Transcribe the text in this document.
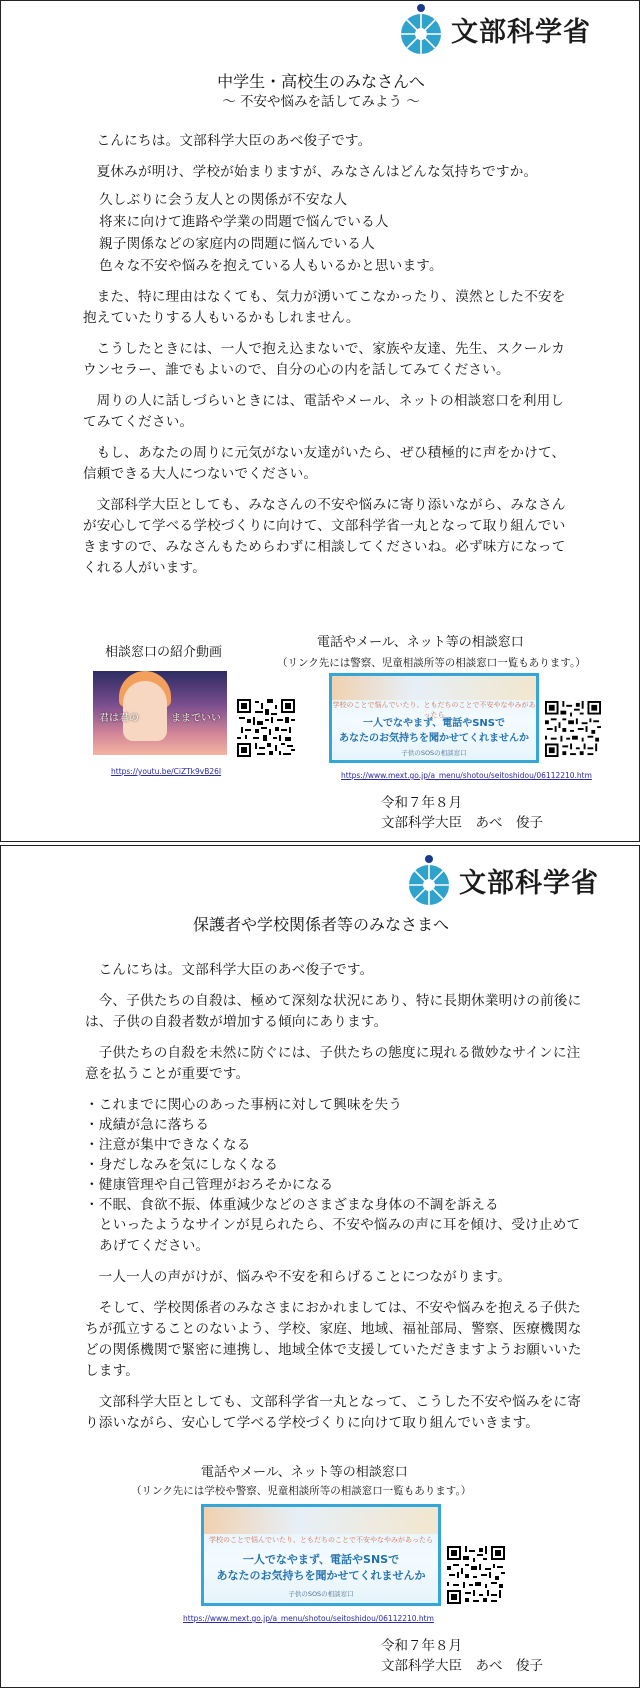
文部科学省
中学生・高校生のみなさんへ
～ 不安や悩みを話してみよう ～

こんにちは。文部科学大臣のあべ俊子です。

夏休みが明け、学校が始まりますが、みなさんはどんな気持ちですか。

久しぶりに会う友人との関係が不安な人
将来に向けて進路や学業の問題で悩んでいる人
親子関係などの家庭内の問題に悩んでいる人
色々な不安や悩みを抱えている人もいるかと思います。

また、特に理由はなくても、気力が湧いてこなかったり、漠然とした不安を抱えていたりする人もいるかもしれません。

こうしたときには、一人で抱え込まないで、家族や友達、先生、スクールカウンセラー、誰でもよいので、自分の心の内を話してみてください。

周りの人に話しづらいときには、電話やメール、ネットの相談窓口を利用してみてください。

もし、あなたの周りに元気がない友達がいたら、ぜひ積極的に声をかけて、信頼できる大人につないでください。

文部科学大臣としても、みなさんの不安や悩みに寄り添いながら、みなさんが安心して学べる学校づくりに向けて、文部科学省一丸となって取り組んでいきますので、みなさんもためらわずに相談してくださいね。必ず味方になってくれる人がいます。

相談窓口の紹介動画
電話やメール、ネット等の相談窓口
（リンク先には警察、児童相談所等の相談窓口一覧もあります。）
君は君の	ままでいい
https://youtu.be/CiZTk9vB26I
学校のことで悩んでいたり、ともだちのことで不安やなやみがあったら
一人でなやまず、電話やSNSで
あなたのお気持ちを聞かせてくれませんか
子供のSOSの相談窓口
https://www.mext.go.jp/a_menu/shotou/seitoshidou/06112210.htm
令和７年８月
文部科学大臣　あべ　俊子
文部科学省
保護者や学校関係者等のみなさまへ

こんにちは。文部科学大臣のあべ俊子です。

今、子供たちの自殺は、極めて深刻な状況にあり、特に長期休業明けの前後には、子供の自殺者数が増加する傾向にあります。

子供たちの自殺を未然に防ぐには、子供たちの態度に現れる微妙なサインに注意を払うことが重要です。

・これまでに関心のあった事柄に対して興味を失う
・成績が急に落ちる
・注意が集中できなくなる
・身だしなみを気にしなくなる
・健康管理や自己管理がおろそかになる
・不眠、食欲不振、体重減少などのさまざまな身体の不調を訴える

といったようなサインが見られたら、不安や悩みの声に耳を傾け、受け止めてあげてください。

一人一人の声がけが、悩みや不安を和らげることにつながります。

そして、学校関係者のみなさまにおかれましては、不安や悩みを抱える子供たちが孤立することのないよう、学校、家庭、地域、福祉部局、警察、医療機関などの関係機関で緊密に連携し、地域全体で支援していただきますようお願いいたします。

文部科学大臣としても、文部科学省一丸となって、こうした不安や悩みをに寄り添いながら、安心して学べる学校づくりに向けて取り組んでいきます。

電話やメール、ネット等の相談窓口
（リンク先には学校や警察、児童相談所等の相談窓口一覧もあります。）
学校のことで悩んでいたり、ともだちのことで不安やなやみがあったら
一人でなやまず、電話やSNSで
あなたのお気持ちを聞かせてくれませんか
子供のSOSの相談窓口
https://www.mext.go.jp/a_menu/shotou/seitoshidou/06112210.htm
令和７年８月
文部科学大臣　あべ　俊子
